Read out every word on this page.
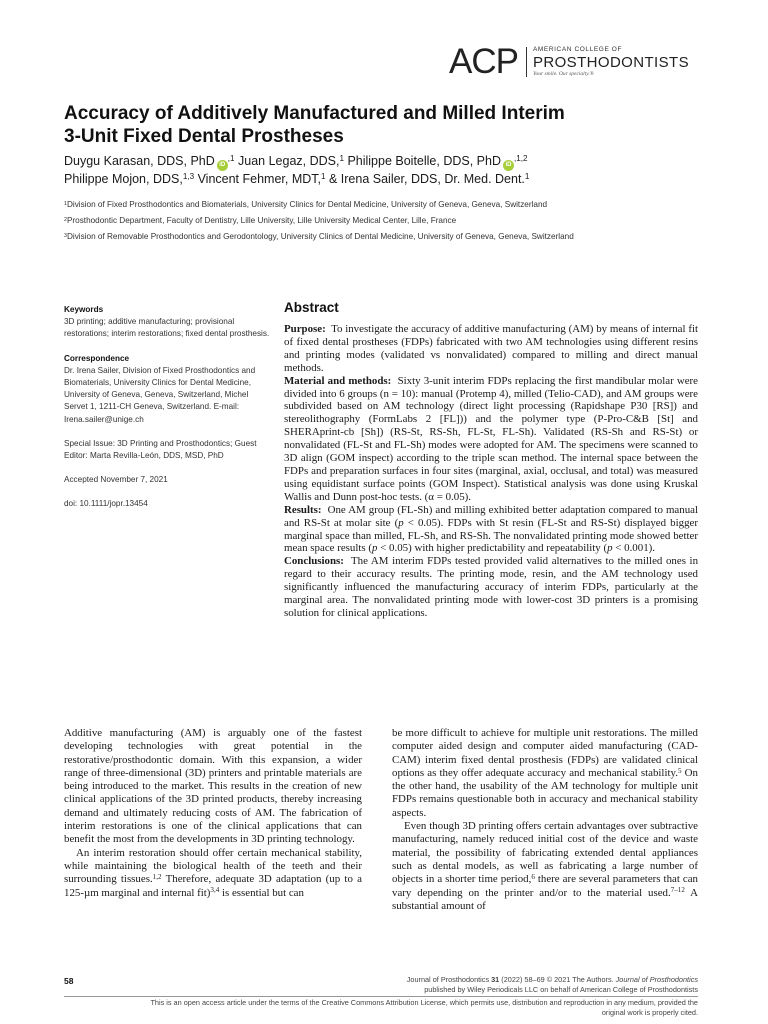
ACP AMERICAN COLLEGE OF
PROSTHODONTISTS
Your smile. Our specialty.®
Accuracy of Additively Manufactured and Milled Interim
3-Unit Fixed Dental Prostheses
Duygu Karasan, DDS, PhD $iD^{,1}$ Juan Legaz, DDS,$^1$ Philippe Boitelle, DDS, PhD $iD^{,1,2}$
Philippe Mojon, DDS,$^{1,3}$ Vincent Fehmer, MDT,$^1$ & Irena Sailer, DDS, Dr. Med. Dent.$^1$
$^1$Division of Fixed Prosthodontics and Biomaterials, University Clinics for Dental Medicine, University of Geneva, Geneva, Switzerland
$^2$Prosthodontic Department, Faculty of Dentistry, Lille University, Lille University Medical Center, Lille, France
$^3$Division of Removable Prosthodontics and Gerodontology, University Clinics of Dental Medicine, University of Geneva, Geneva, Switzerland
Keywords
3D printing; additive manufacturing; provisional restorations; interim restorations; fixed dental prosthesis.
Correspondence
Dr. Irena Sailer, Division of Fixed Prosthodontics and Biomaterials, University Clinics for Dental Medicine, University of Geneva, Geneva, Switzerland, Michel Servet 1, 1211-CH Geneva, Switzerland. E-mail: Irena.sailer@unige.ch
Special Issue: 3D Printing and Prosthodontics; Guest Editor: Marta Revilla-León, DDS, MSD, PhD
Accepted November 7, 2021
doi: 10.1111/jopr.13454
Abstract

Purpose: To investigate the accuracy of additive manufacturing (AM) by means of internal fit of fixed dental prostheses (FDPs) fabricated with two AM technologies using different resins and printing modes (validated vs nonvalidated) compared to milling and direct manual methods.

Material and methods: Sixty 3-unit interim FDPs replacing the first mandibular molar were divided into 6 groups (n = 10): manual (Protemp 4), milled (Telio-CAD), and AM groups were subdivided based on AM technology (direct light processing (Rapidshape P30 [RS]) and stereolithography (FormLabs 2 [FL])) and the polymer type (P-Pro-C&B [St] and SHERAprint-cb [Sh]) (RS-St, RS-Sh, FL-St, FL-Sh). Validated (RS-Sh and RS-St) or nonvalidated (FL-St and FL-Sh) modes were adopted for AM. The specimens were scanned to 3D align (GOM inspect) according to the triple scan method. The internal space between the FDPs and preparation surfaces in four sites (marginal, axial, occlusal, and total) was measured using equidistant surface points (GOM Inspect). Statistical analysis was done using Kruskal Wallis and Dunn post-hoc tests. (α = 0.05).

Results: One AM group (FL-Sh) and milling exhibited better adaptation compared to manual and RS-St at molar site (p < 0.05). FDPs with St resin (FL-St and RS-St) displayed bigger marginal space than milled, FL-Sh, and RS-Sh. The nonvalidated printing mode showed better mean space results (p < 0.05) with higher predictability and repeatability (p < 0.001).

Conclusions: The AM interim FDPs tested provided valid alternatives to the milled ones in regard to their accuracy results. The printing mode, resin, and the AM technology used significantly influenced the manufacturing accuracy of interim FDPs, particularly at the marginal area. The nonvalidated printing mode with lower-cost 3D printers is a promising solution for clinical applications.

Additive manufacturing (AM) is arguably one of the fastest developing technologies with great potential in the restorative/prosthodontic domain. With this expansion, a wider range of three-dimensional (3D) printers and printable materials are being introduced to the market. This results in the creation of new clinical applications of the 3D printed products, thereby increasing demand and ultimately reducing costs of AM. The fabrication of interim restorations is one of the clinical applications that can benefit the most from the developments in 3D printing technology.

An interim restoration should offer certain mechanical stability, while maintaining the biological health of the teeth and their surrounding tissues.$^{1,2}$ Therefore, adequate 3D adaptation (up to a 125-µm marginal and internal fit)$^{3,4}$ is essential but can

be more difficult to achieve for multiple unit restorations. The milled computer aided design and computer aided manufacturing (CAD-CAM) interim fixed dental prosthesis (FDPs) are validated clinical options as they offer adequate accuracy and mechanical stability.$^5$ On the other hand, the usability of the AM technology for multiple unit FDPs remains questionable both in accuracy and mechanical stability aspects.

Even though 3D printing offers certain advantages over subtractive manufacturing, namely reduced initial cost of the device and waste material, the possibility of fabricating extended dental appliances such as dental models, as well as fabricating a large number of objects in a shorter time period,$^6$ there are several parameters that can vary depending on the printer and/or to the material used.$^{7-12}$ A substantial amount of

58	Journal of Prosthodontics 31 (2022) 58–69 © 2021 The Authors. Journal of Prosthodontics
published by Wiley Periodicals LLC on behalf of American College of Prosthodontists
This is an open access article under the terms of the Creative Commons Attribution License, which permits use, distribution and reproduction in any medium, provided the
original work is properly cited.
